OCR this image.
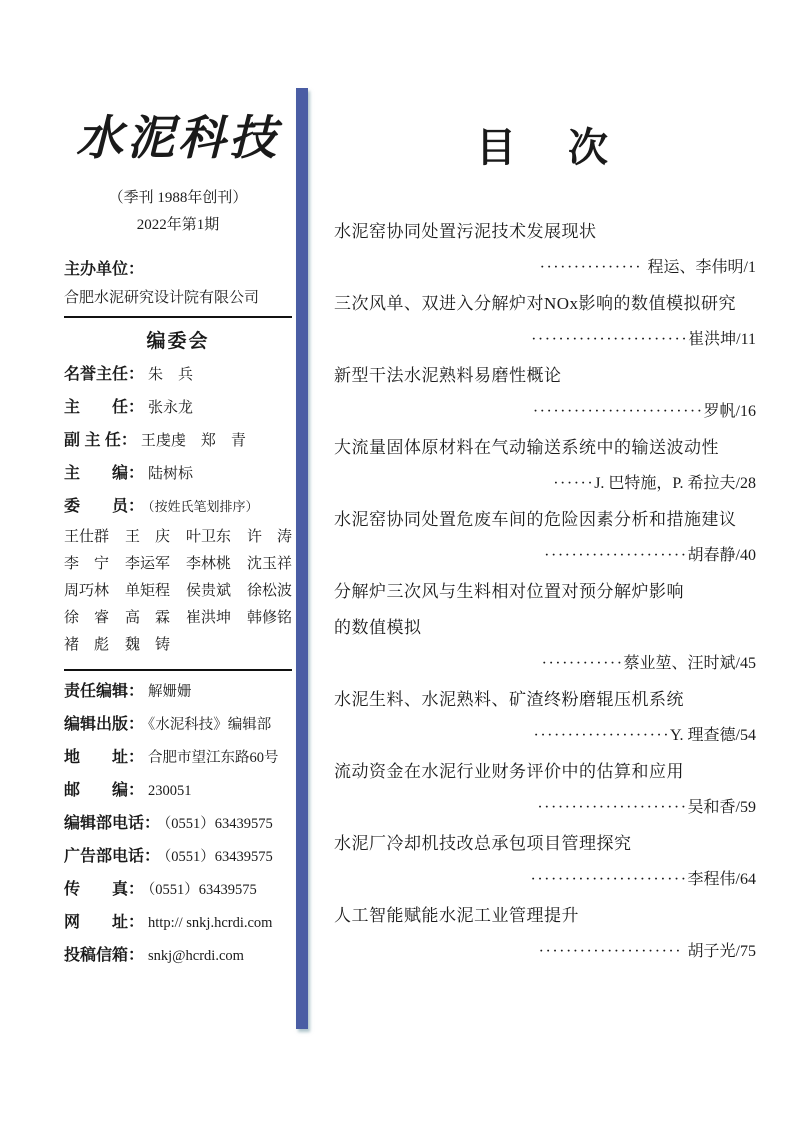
水泥科技
（季刊 1988年创刊）
2022年第1期
主办单位：
合肥水泥研究设计院有限公司
编委会
名誉主任： 朱　兵
主　　任： 张永龙
副 主 任： 王虔虔　郑　青
主　　编： 陆树标
委　　员： （按姓氏笔划排序）
王仕群 王　庆 叶卫东 许　涛
李　宁 李运军 李林桃 沈玉祥
周巧林 单矩程 侯贵斌 徐松波
徐　睿 高　霖 崔洪坤 韩修铭
褚　彪 魏　铸
责任编辑： 解姗姗
编辑出版： 《水泥科技》编辑部
地　　址： 合肥市望江东路60号
邮　　编： 230051
编辑部电话： （0551）63439575
广告部电话： （0551）63439575
传　　真： （0551）63439575
网　　址： http:// snkj.hcrdi.com
投稿信箱： snkj@hcrdi.com
目　次
水泥窑协同处置污泥技术发展现状
··············· 程运、李伟明/1
三次风单、双进入分解炉对NOx影响的数值模拟研究
·······················崔洪坤/11
新型干法水泥熟料易磨性概论
·························罗帆/16
大流量固体原材料在气动输送系统中的输送波动性
······J. 巴特施，P. 希拉夫/28
水泥窑协同处置危废车间的危险因素分析和措施建议
·····················胡春静/40
分解炉三次风与生料相对位置对预分解炉影响
的数值模拟
············蔡业堃、汪时斌/45
水泥生料、水泥熟料、矿渣终粉磨辊压机系统
····················Y. 理查德/54
流动资金在水泥行业财务评价中的估算和应用
······················吴和香/59
水泥厂冷却机技改总承包项目管理探究
·······················李程伟/64
人工智能赋能水泥工业管理提升
····················· 胡子光/75
